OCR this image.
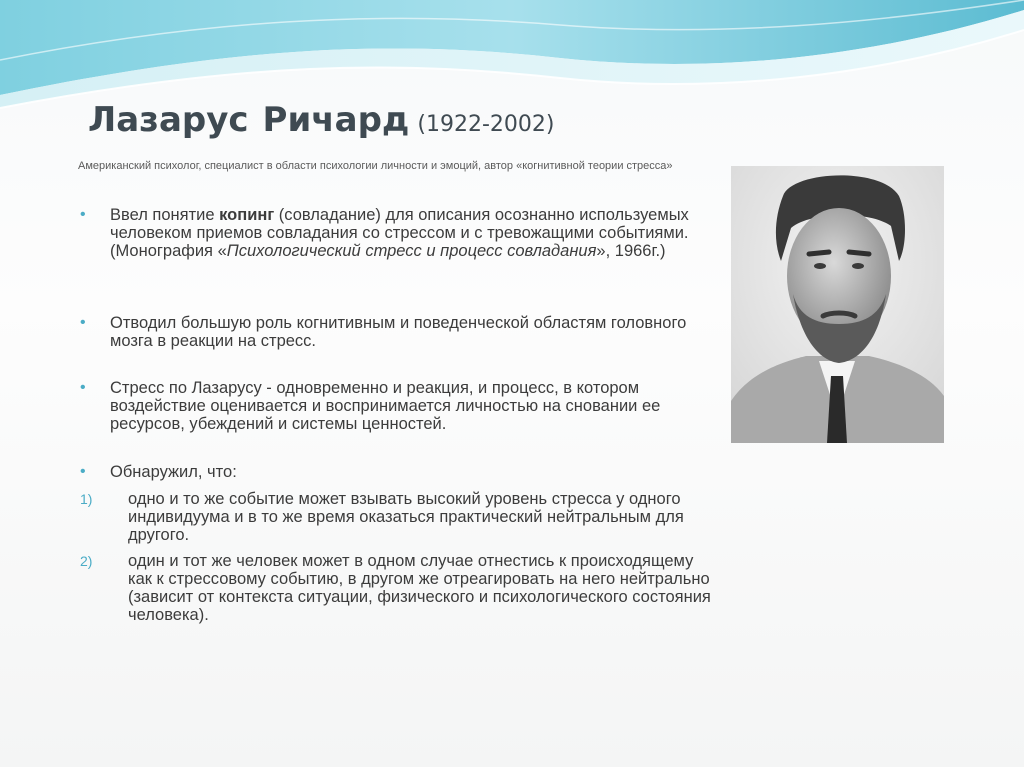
Лазарус Ричард (1922-2002)
Американский психолог, специалист в области психологии личности и эмоций, автор «когнитивной теории стресса»
• Ввел понятие копинг (совладание) для описания осознанно используемых человеком приемов совладания со стрессом и с тревожащими событиями. (Монография «Психологический стресс и процесс совладания», 1966г.)
• Отводил большую роль когнитивным и поведенческой областям головного мозга в реакции на стресс.
• Стресс по Лазарусу - одновременно и реакция, и процесс, в котором воздействие оценивается и воспринимается личностью на сновании ее ресурсов, убеждений и системы ценностей.
• Обнаружил, что:
1) одно и то же событие может взывать высокий уровень стресса у одного индивидуума и в то же время оказаться практический нейтральным для другого.
2) один и тот же человек может в одном случае отнестись к происходящему как к стрессовому событию, в другом же отреагировать на него нейтрально (зависит от контекста ситуации, физического и психологического состояния человека).
